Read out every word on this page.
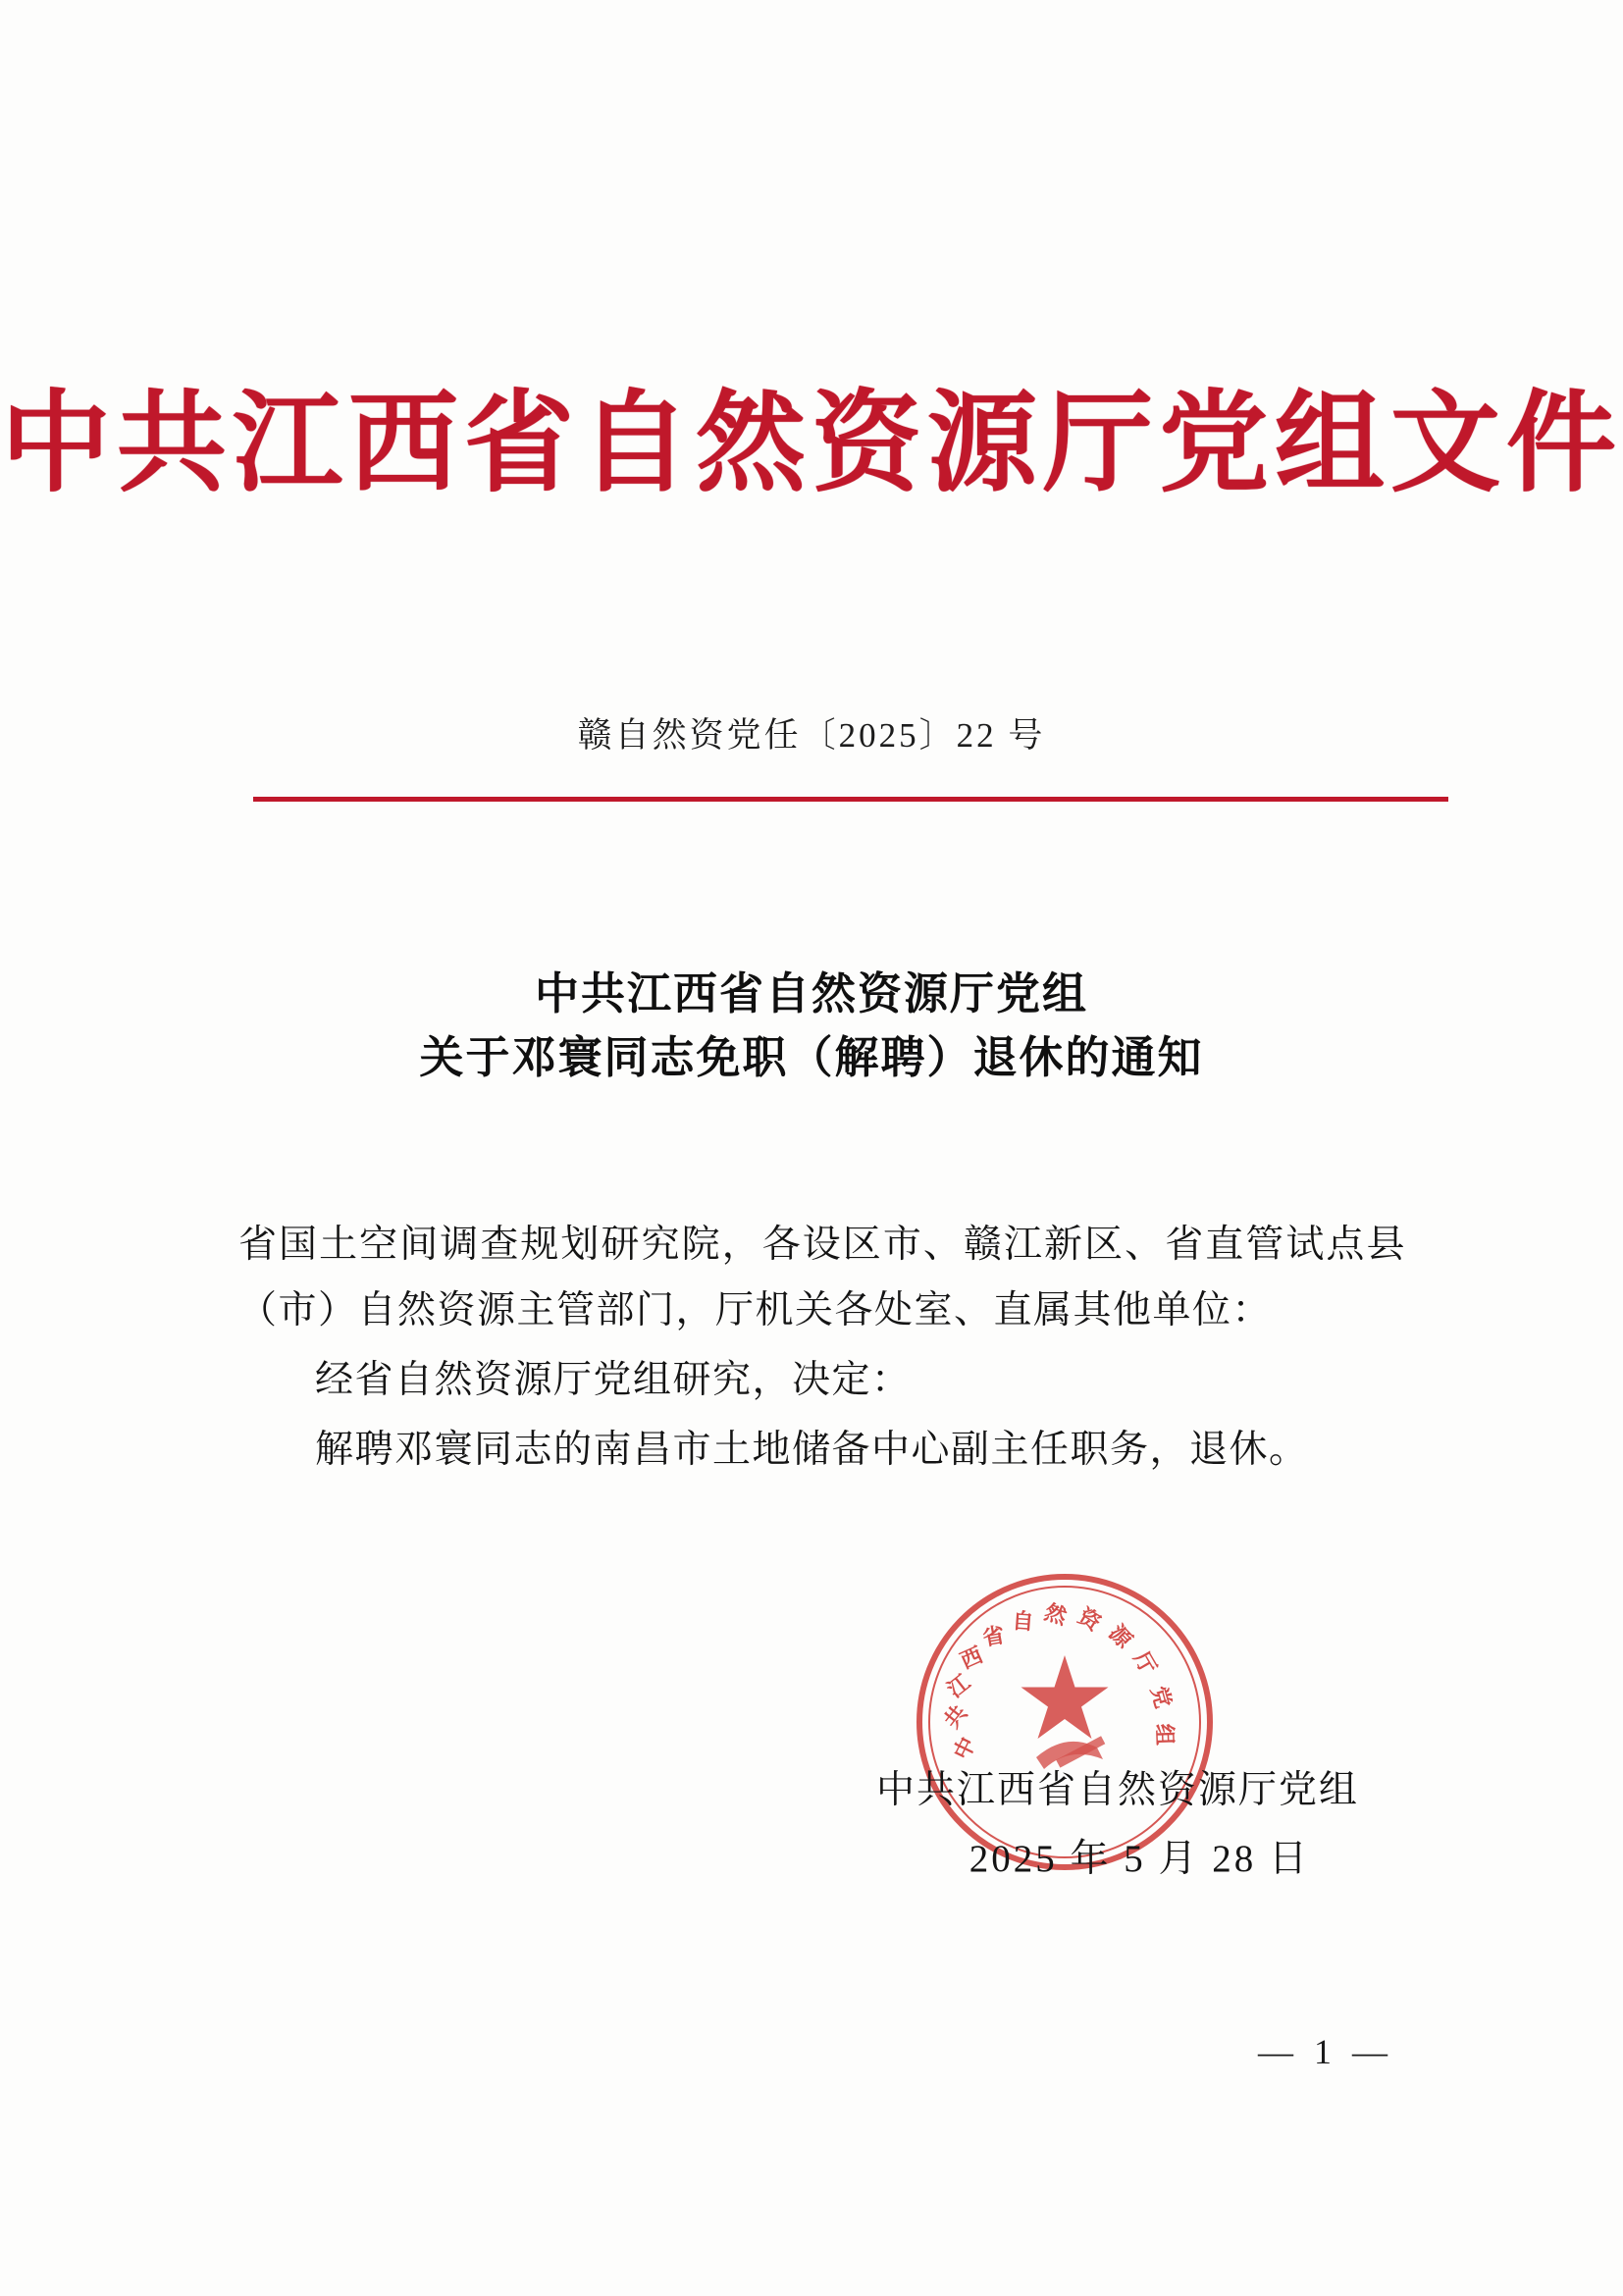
中共江西省自然资源厅党组文件
赣自然资党任〔2025〕22 号
中共江西省自然资源厅党组
关于邓寰同志免职（解聘）退休的通知

省国土空间调查规划研究院，各设区市、赣江新区、省直管试点县（市）自然资源主管部门，厅机关各处室、直属其他单位：

经省自然资源厅党组研究，决定：

解聘邓寰同志的南昌市土地储备中心副主任职务，退休。

中
共
江
西
省
自 然 资
源
厅
党
组
中共江西省自然资源厅党组
2025 年 5 月 28 日
— 1 —
